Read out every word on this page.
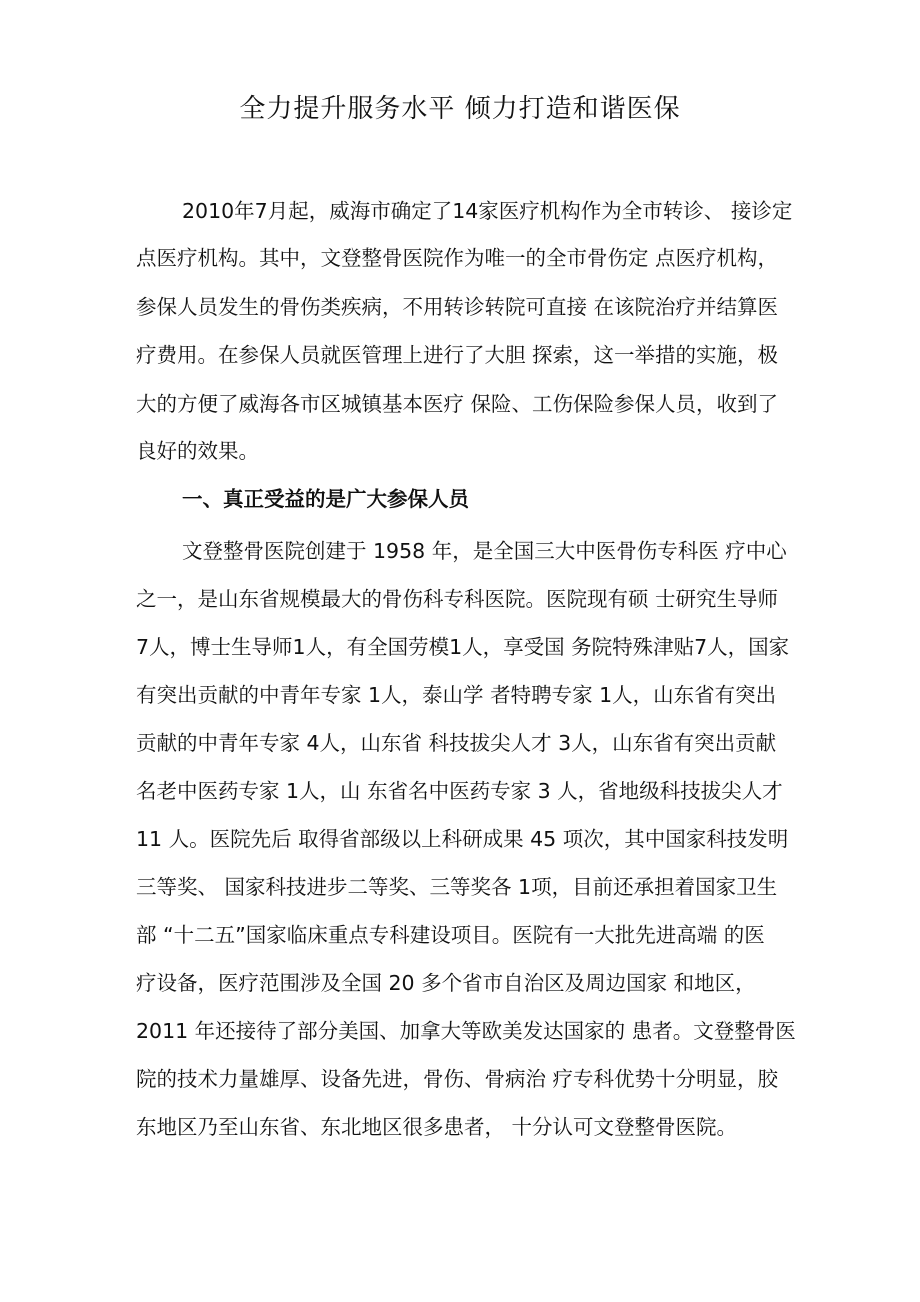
全力提升服务水平 倾力打造和谐医保
2010年7月起，威海市确定了14家医疗机构作为全市转诊、 接诊定
点医疗机构。其中，文登整骨医院作为唯一的全市骨伤定 点医疗机构，
参保人员发生的骨伤类疾病，不用转诊转院可直接 在该院治疗并结算医
疗费用。在参保人员就医管理上进行了大胆 探索，这一举措的实施，极
大的方便了威海各市区城镇基本医疗 保险、工伤保险参保人员，收到了
良好的效果。
一、真正受益的是广大参保人员
文登整骨医院创建于 1958 年，是全国三大中医骨伤专科医 疗中心
之一，是山东省规模最大的骨伤科专科医院。医院现有硕 士研究生导师
7人，博士生导师1人，有全国劳模1人，享受国 务院特殊津贴7人，国家
有突出贡献的中青年专家 1人，泰山学 者特聘专家 1人，山东省有突出
贡献的中青年专家 4人，山东省 科技拔尖人才 3人，山东省有突出贡献
名老中医药专家 1人，山 东省名中医药专家 3 人，省地级科技拔尖人才
11 人。医院先后 取得省部级以上科研成果 45 项次，其中国家科技发明
三等奖、 国家科技进步二等奖、三等奖各 1项，目前还承担着国家卫生
部 “十二五”国家临床重点专科建设项目。医院有一大批先进高端 的医
疗设备，医疗范围涉及全国 20 多个省市自治区及周边国家 和地区，
2011 年还接待了部分美国、加拿大等欧美发达国家的 患者。文登整骨医
院的技术力量雄厚、设备先进，骨伤、骨病治 疗专科优势十分明显，胶
东地区乃至山东省、东北地区很多患者， 十分认可文登整骨医院。
